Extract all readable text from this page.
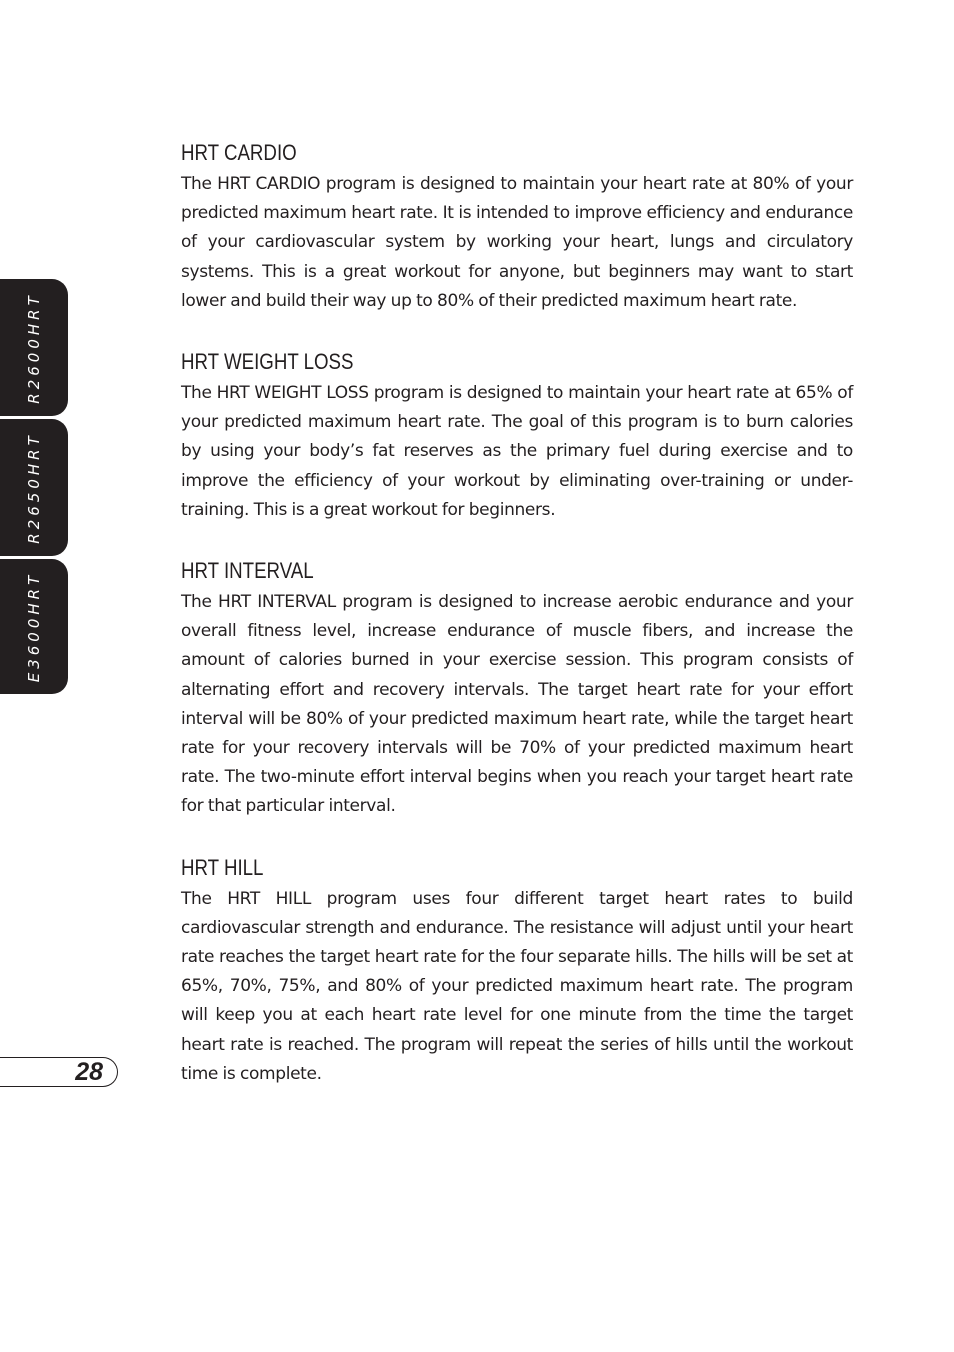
R2600HRT
R2650HRT
E3600HRT
28
HRT CARDIO

The HRT CARDIO program is designed to maintain your heart rate at 80% of your predicted maximum heart rate. It is intended to improve efficiency and endurance of your cardiovascular system by working your heart, lungs and circulatory systems. This is a great workout for anyone, but beginners may want to start lower and build their way up to 80% of their predicted maximum heart rate.

HRT WEIGHT LOSS

The HRT WEIGHT LOSS program is designed to maintain your heart rate at 65% of your predicted maximum heart rate. The goal of this program is to burn calories by using your body’s fat reserves as the primary fuel during exercise and to improve the efficiency of your workout by eliminating over-training or under-training. This is a great workout for beginners.

HRT INTERVAL

The HRT INTERVAL program is designed to increase aerobic endurance and your overall fitness level, increase endurance of muscle fibers, and increase the amount of calories burned in your exercise session. This program consists of alternating effort and recovery intervals. The target heart rate for your effort interval will be 80% of your predicted maximum heart rate, while the target heart rate for your recovery intervals will be 70% of your predicted maximum heart rate. The two-minute effort interval begins when you reach your target heart rate for that particular interval.

HRT HILL

The HRT HILL program uses four different target heart rates to build cardiovascular strength and endurance. The resistance will adjust until your heart rate reaches the target heart rate for the four separate hills. The hills will be set at 65%, 70%, 75%, and 80% of your predicted maximum heart rate. The program will keep you at each heart rate level for one minute from the time the target heart rate is reached. The program will repeat the series of hills until the workout time is complete.
